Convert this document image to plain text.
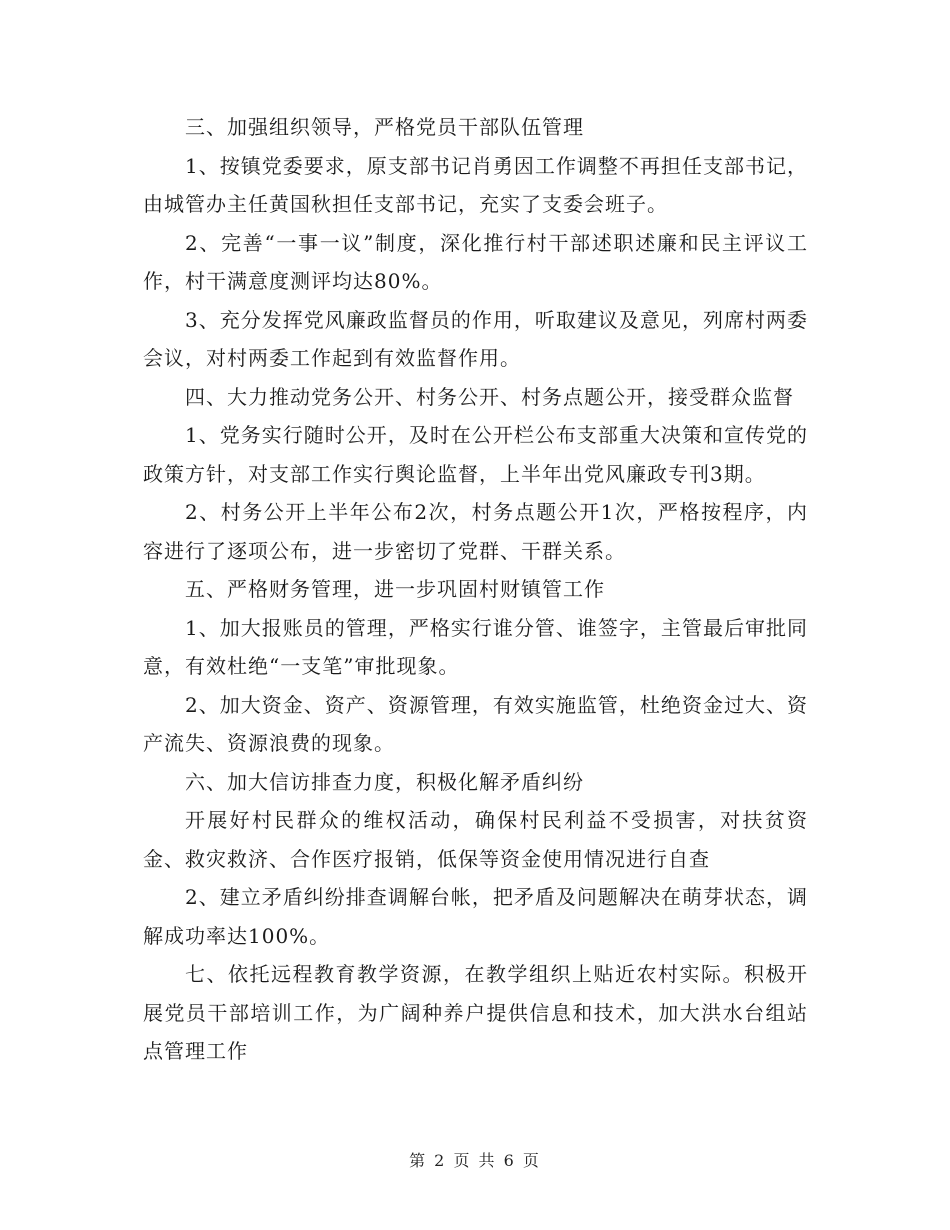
三、加强组织领导，严格党员干部队伍管理

1、按镇党委要求，原支部书记肖勇因工作调整不再担任支部书记，由城管办主任黄国秋担任支部书记，充实了支委会班子。

2、完善“一事一议”制度，深化推行村干部述职述廉和民主评议工作，村干满意度测评均达80%。

3、充分发挥党风廉政监督员的作用，听取建议及意见，列席村两委会议，对村两委工作起到有效监督作用。

四、大力推动党务公开、村务公开、村务点题公开，接受群众监督

1、党务实行随时公开，及时在公开栏公布支部重大决策和宣传党的政策方针，对支部工作实行舆论监督，上半年出党风廉政专刊3期。

2、村务公开上半年公布2次，村务点题公开1次，严格按程序，内容进行了逐项公布，进一步密切了党群、干群关系。

五、严格财务管理，进一步巩固村财镇管工作

1、加大报账员的管理，严格实行谁分管、谁签字，主管最后审批同意，有效杜绝“一支笔”审批现象。

2、加大资金、资产、资源管理，有效实施监管，杜绝资金过大、资产流失、资源浪费的现象。

六、加大信访排查力度，积极化解矛盾纠纷

开展好村民群众的维权活动，确保村民利益不受损害，对扶贫资金、救灾救济、合作医疗报销，低保等资金使用情况进行自查

2、建立矛盾纠纷排查调解台帐，把矛盾及问题解决在萌芽状态，调解成功率达100%。

七、依托远程教育教学资源，在教学组织上贴近农村实际。积极开展党员干部培训工作，为广阔种养户提供信息和技术，加大洪水台组站点管理工作

第 2 页 共 6 页
